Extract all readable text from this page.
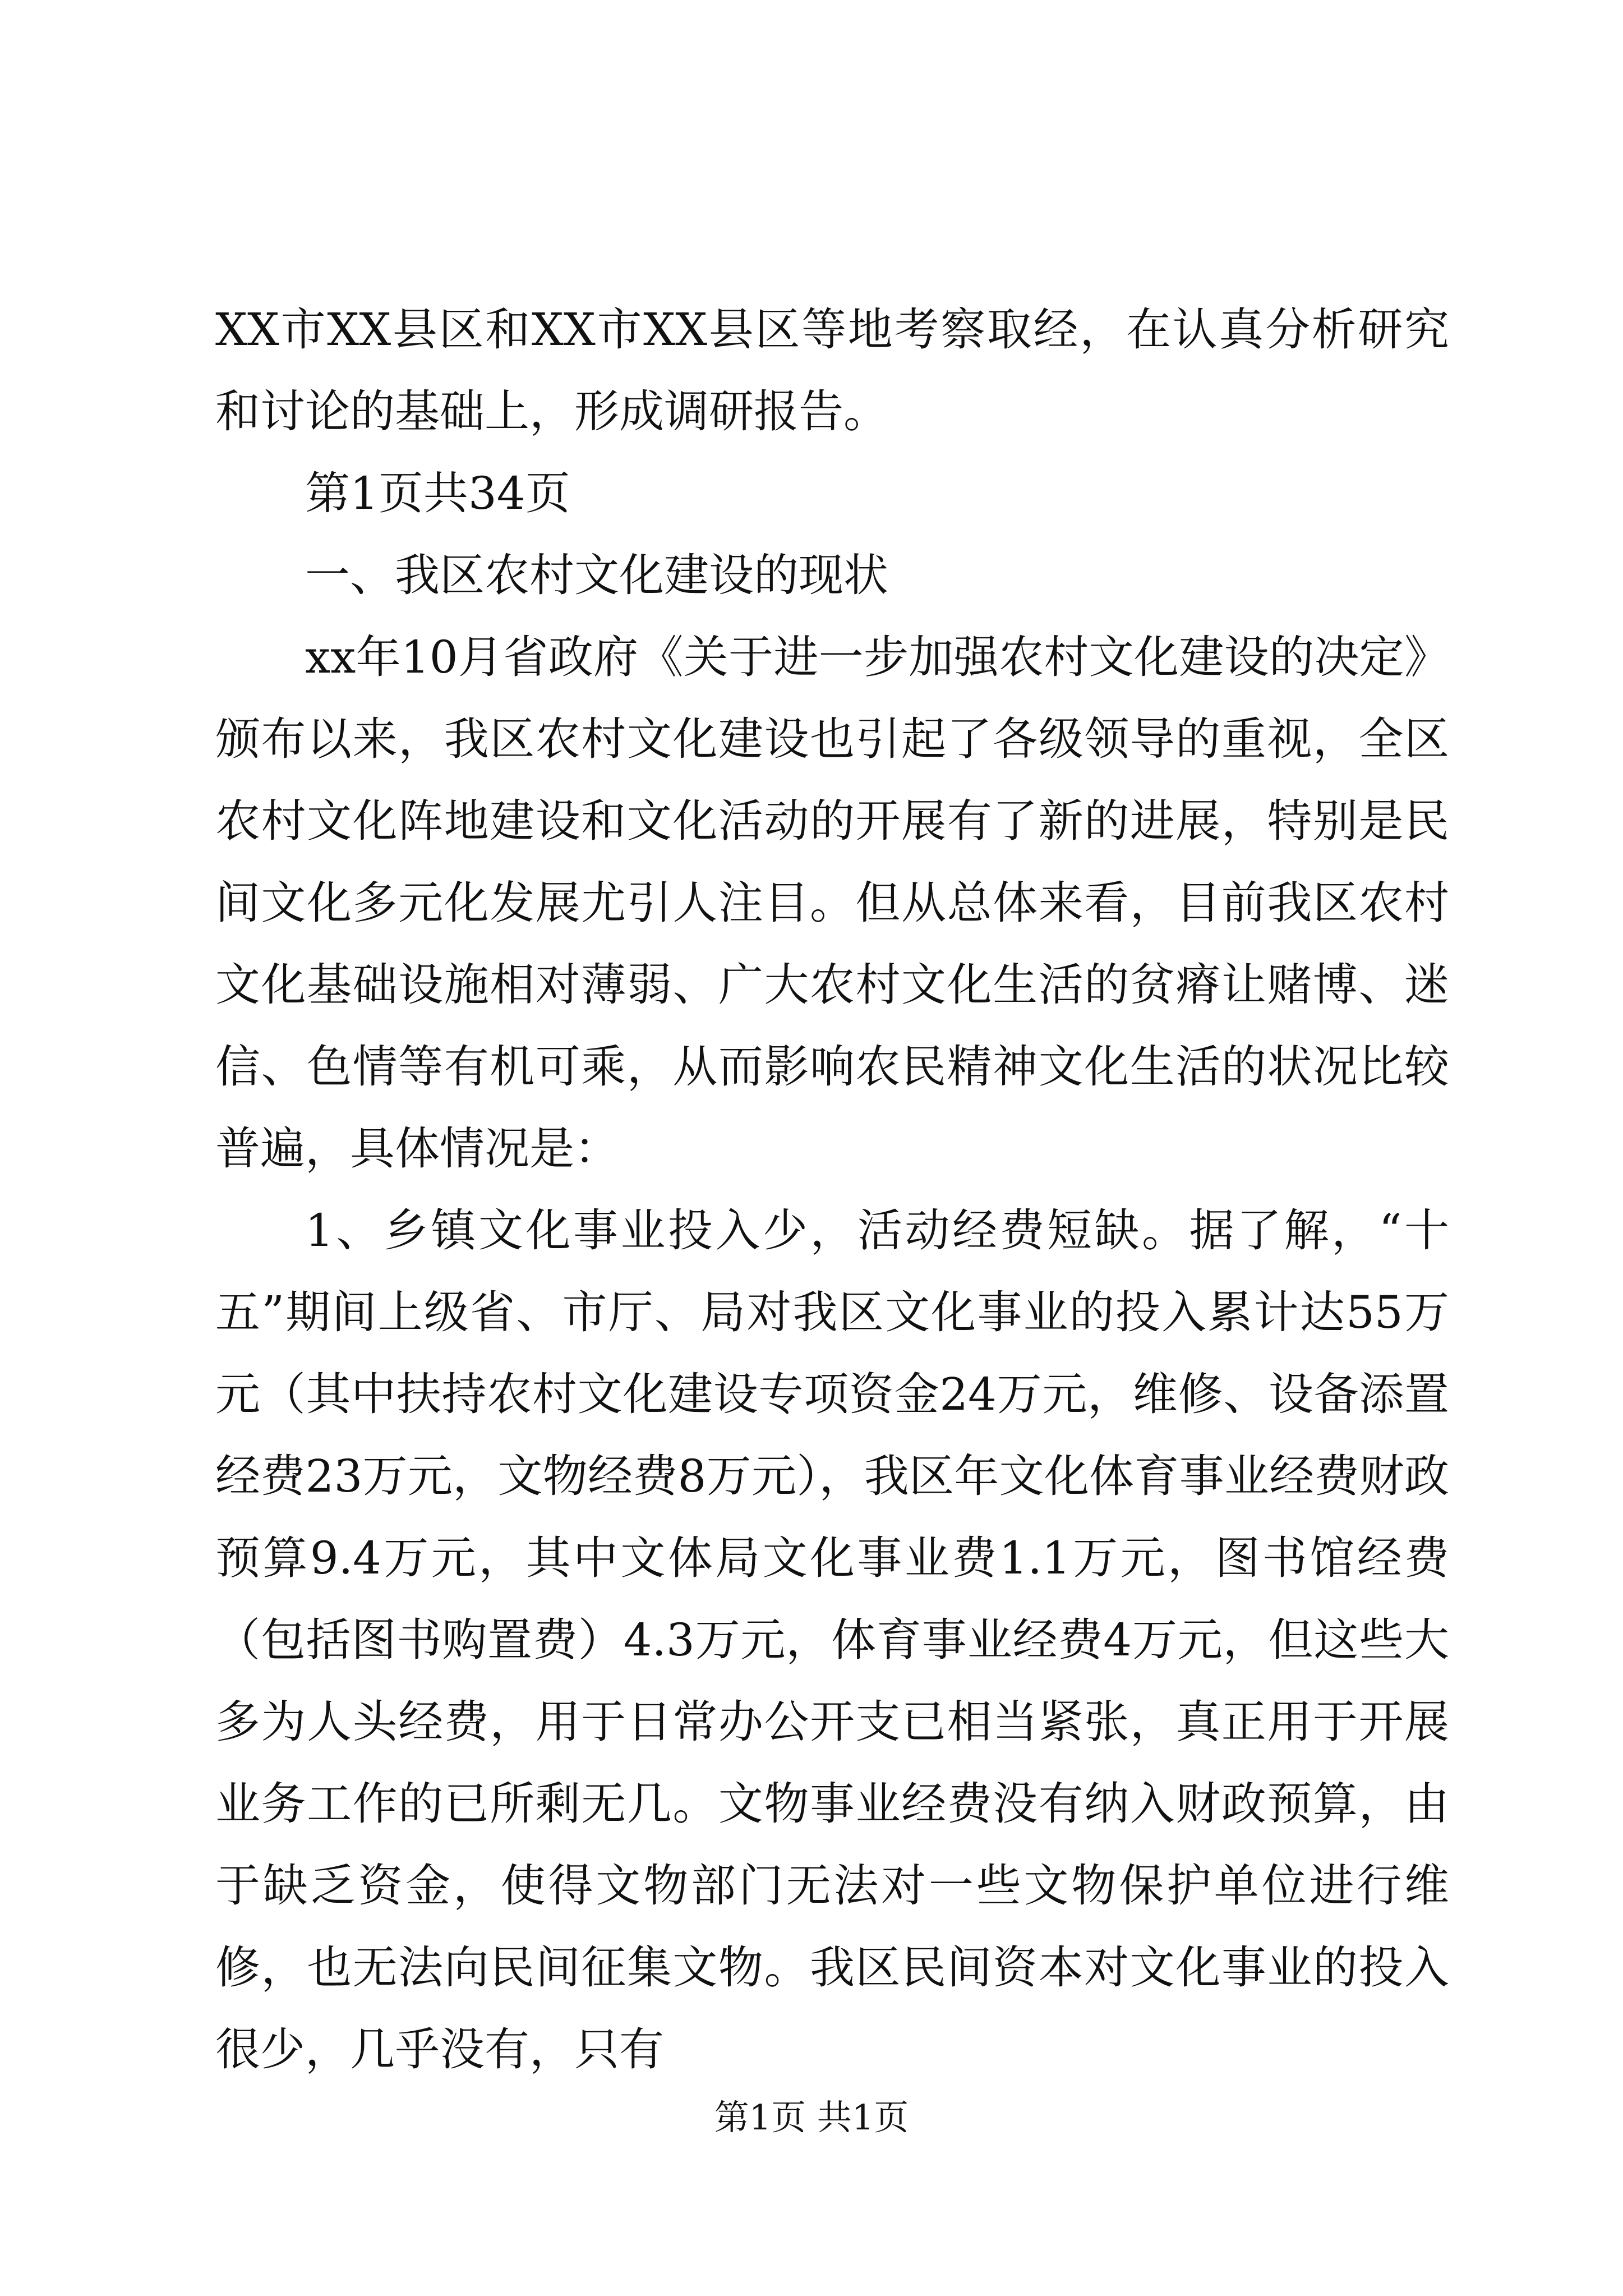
XX市XX县区和XX市XX县区等地考察取经，在认真分析研究和讨论的基础上，形成调研报告。

第1页共34页

一、我区农村文化建设的现状

xx年10月省政府《关于进一步加强农村文化建设的决定》颁布以来，我区农村文化建设也引起了各级领导的重视，全区农村文化阵地建设和文化活动的开展有了新的进展，特别是民间文化多元化发展尤引人注目。但从总体来看，目前我区农村文化基础设施相对薄弱、广大农村文化生活的贫瘠让赌博、迷信、色情等有机可乘，从而影响农民精神文化生活的状况比较普遍，具体情况是：

1、乡镇文化事业投入少，活动经费短缺。据了解，“十五”期间上级省、市厅、局对我区文化事业的投入累计达55万元（其中扶持农村文化建设专项资金24万元，维修、设备添置经费23万元，文物经费8万元），我区年文化体育事业经费财政预算9.4万元，其中文体局文化事业费1.1万元，图书馆经费（包括图书购置费）4.3万元，体育事业经费4万元，但这些大多为人头经费，用于日常办公开支已相当紧张，真正用于开展业务工作的已所剩无几。文物事业经费没有纳入财政预算，由于缺乏资金，使得文物部门无法对一些文物保护单位进行维修，也无法向民间征集文物。我区民间资本对文化事业的投入很少，几乎没有，只有

第1页 共1页
